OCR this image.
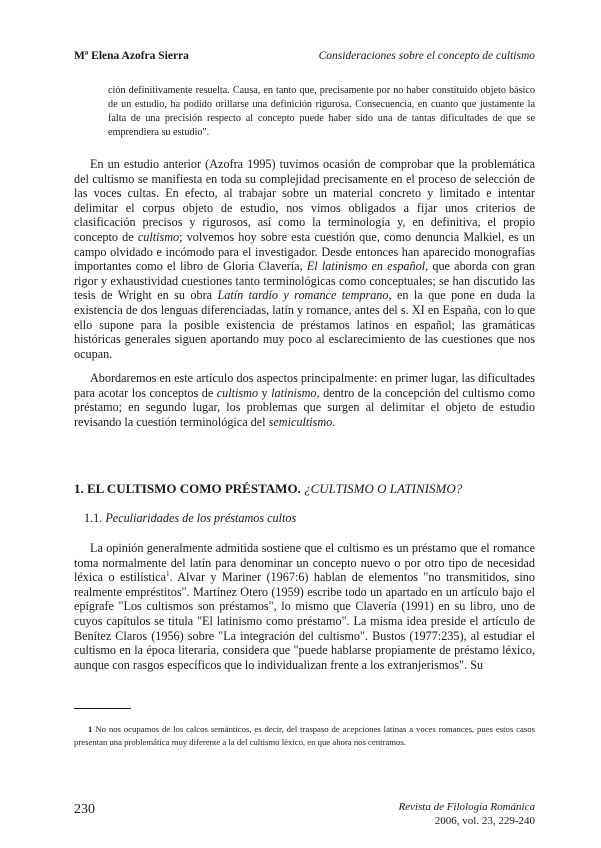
Mª Elena Azofra Sierra	Consideraciones sobre el concepto de cultismo
ción definitivamente resuelta. Causa, en tanto que, precisamente por no haber constituido objeto básico de un estudio, ha podido orillarse una definición rigurosa. Consecuencia, en cuanto que justamente la falta de una precisión respecto al concepto puede haber sido una de tantas dificultades de que se emprendiera su estudio".

En un estudio anterior (Azofra 1995) tuvimos ocasión de comprobar que la problemática del cultismo se manifiesta en toda su complejidad precisamente en el proceso de selección de las voces cultas. En efecto, al trabajar sobre un material concreto y limitado e intentar delimitar el corpus objeto de estudio, nos vimos obligados a fijar unos criterios de clasificación precisos y rigurosos, así como la terminología y, en definitiva, el propio concepto de cultismo; volvemos hoy sobre esta cuestión que, como denuncia Malkiel, es un campo olvidado e incómodo para el investigador. Desde entonces han aparecido monografías importantes como el libro de Gloria Clavería, El latinismo en español, que aborda con gran rigor y exhaustividad cuestiones tanto terminológicas como conceptuales; se han discutido las tesis de Wright en su obra Latín tardío y romance temprano, en la que pone en duda la existencia de dos lenguas diferenciadas, latín y romance, antes del s. XI en España, con lo que ello supone para la posible existencia de préstamos latinos en español; las gramáticas históricas generales siguen aportando muy poco al esclarecimiento de las cuestiones que nos ocupan.

Abordaremos en este artículo dos aspectos principalmente: en primer lugar, las dificultades para acotar los conceptos de cultismo y latinismo, dentro de la concepción del cultismo como préstamo; en segundo lugar, los problemas que surgen al delimitar el objeto de estudio revisando la cuestión terminológica del semicultismo.

1. EL CULTISMO COMO PRÉSTAMO. ¿CULTISMO O LATINISMO?
1.1. Peculiaridades de los préstamos cultos

La opinión generalmente admitida sostiene que el cultismo es un préstamo que el romance toma normalmente del latín para denominar un concepto nuevo o por otro tipo de necesidad léxica o estilística$^1$. Alvar y Mariner (1967:6) hablan de elementos "no transmitidos, sino realmente empréstitos". Martínez Otero (1959) escribe todo un apartado en un artículo bajo el epígrafe "Los cultismos son préstamos", lo mismo que Clavería (1991) en su libro, uno de cuyos capítulos se titula "El latinismo como préstamo". La misma idea preside el artículo de Benítez Claros (1956) sobre "La integración del cultismo". Bustos (1977:235), al estudiar el cultismo en la época literaria, considera que "puede hablarse propiamente de préstamo léxico, aunque con rasgos específicos que lo individualizan frente a los extranjerismos". Su

1 No nos ocupamos de los calcos semánticos, es decir, del traspaso de acepciones latinas a voces romances, pues estos casos presentan una problemática muy diferente a la del cultismo léxico, en que ahora nos centramos.
230	Revista de Filología Románica
2006, vol. 23, 229-240
